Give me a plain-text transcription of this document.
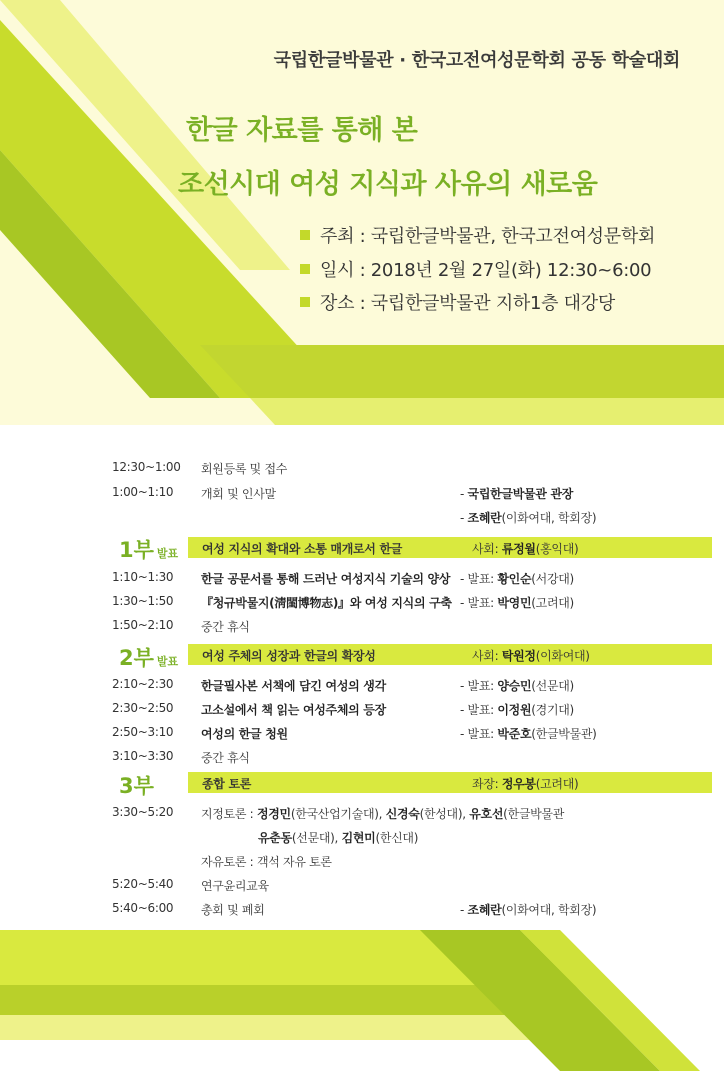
국립한글박물관 · 한국고전여성문학회 공동 학술대회
한글 자료를 통해 본
조선시대 여성 지식과 사유의 새로움
주최 : 국립한글박물관, 한국고전여성문학회
일시 : 2018년 2월 27일(화) 12:30~6:00
장소 : 국립한글박물관 지하1층 대강당
12:30~1:00 회원등록 및 접수
1:00~1:10 개회 및 인사말	- 국립한글박물관 관장
- 조혜란(이화여대, 학회장)
1부 발표 여성 지식의 확대와 소통 매개로서 한글	사회: 류정월(홍익대)
1:10~1:30 한글 공문서를 통해 드러난 여성지식 기술의 양상 - 발표: 황인순(서강대)
1:30~1:50 『청규박물지(淸閨博物志)』와 여성 지식의 구축 - 발표: 박영민(고려대)
1:50~2:10 중간 휴식
2부 발표 여성 주체의 성장과 한글의 확장성	사회: 탁원정(이화여대)
2:10~2:30 한글필사본 서책에 담긴 여성의 생각	- 발표: 양승민(선문대)
2:30~2:50 고소설에서 책 읽는 여성주체의 등장	- 발표: 이정원(경기대)
2:50~3:10 여성의 한글 청원	- 발표: 박준호(한글박물관)
3:10~3:30 중간 휴식
3부	종합 토론	좌장: 정우봉(고려대)
3:30~5:20 지정토론 : 정경민(한국산업기술대), 신경숙(한성대), 유호선(한글박물관
유춘동(선문대), 김현미(한신대)
자유토론 : 객석 자유 토론
5:20~5:40 연구윤리교육
5:40~6:00 총회 및 폐회	- 조혜란(이화여대, 학회장)
